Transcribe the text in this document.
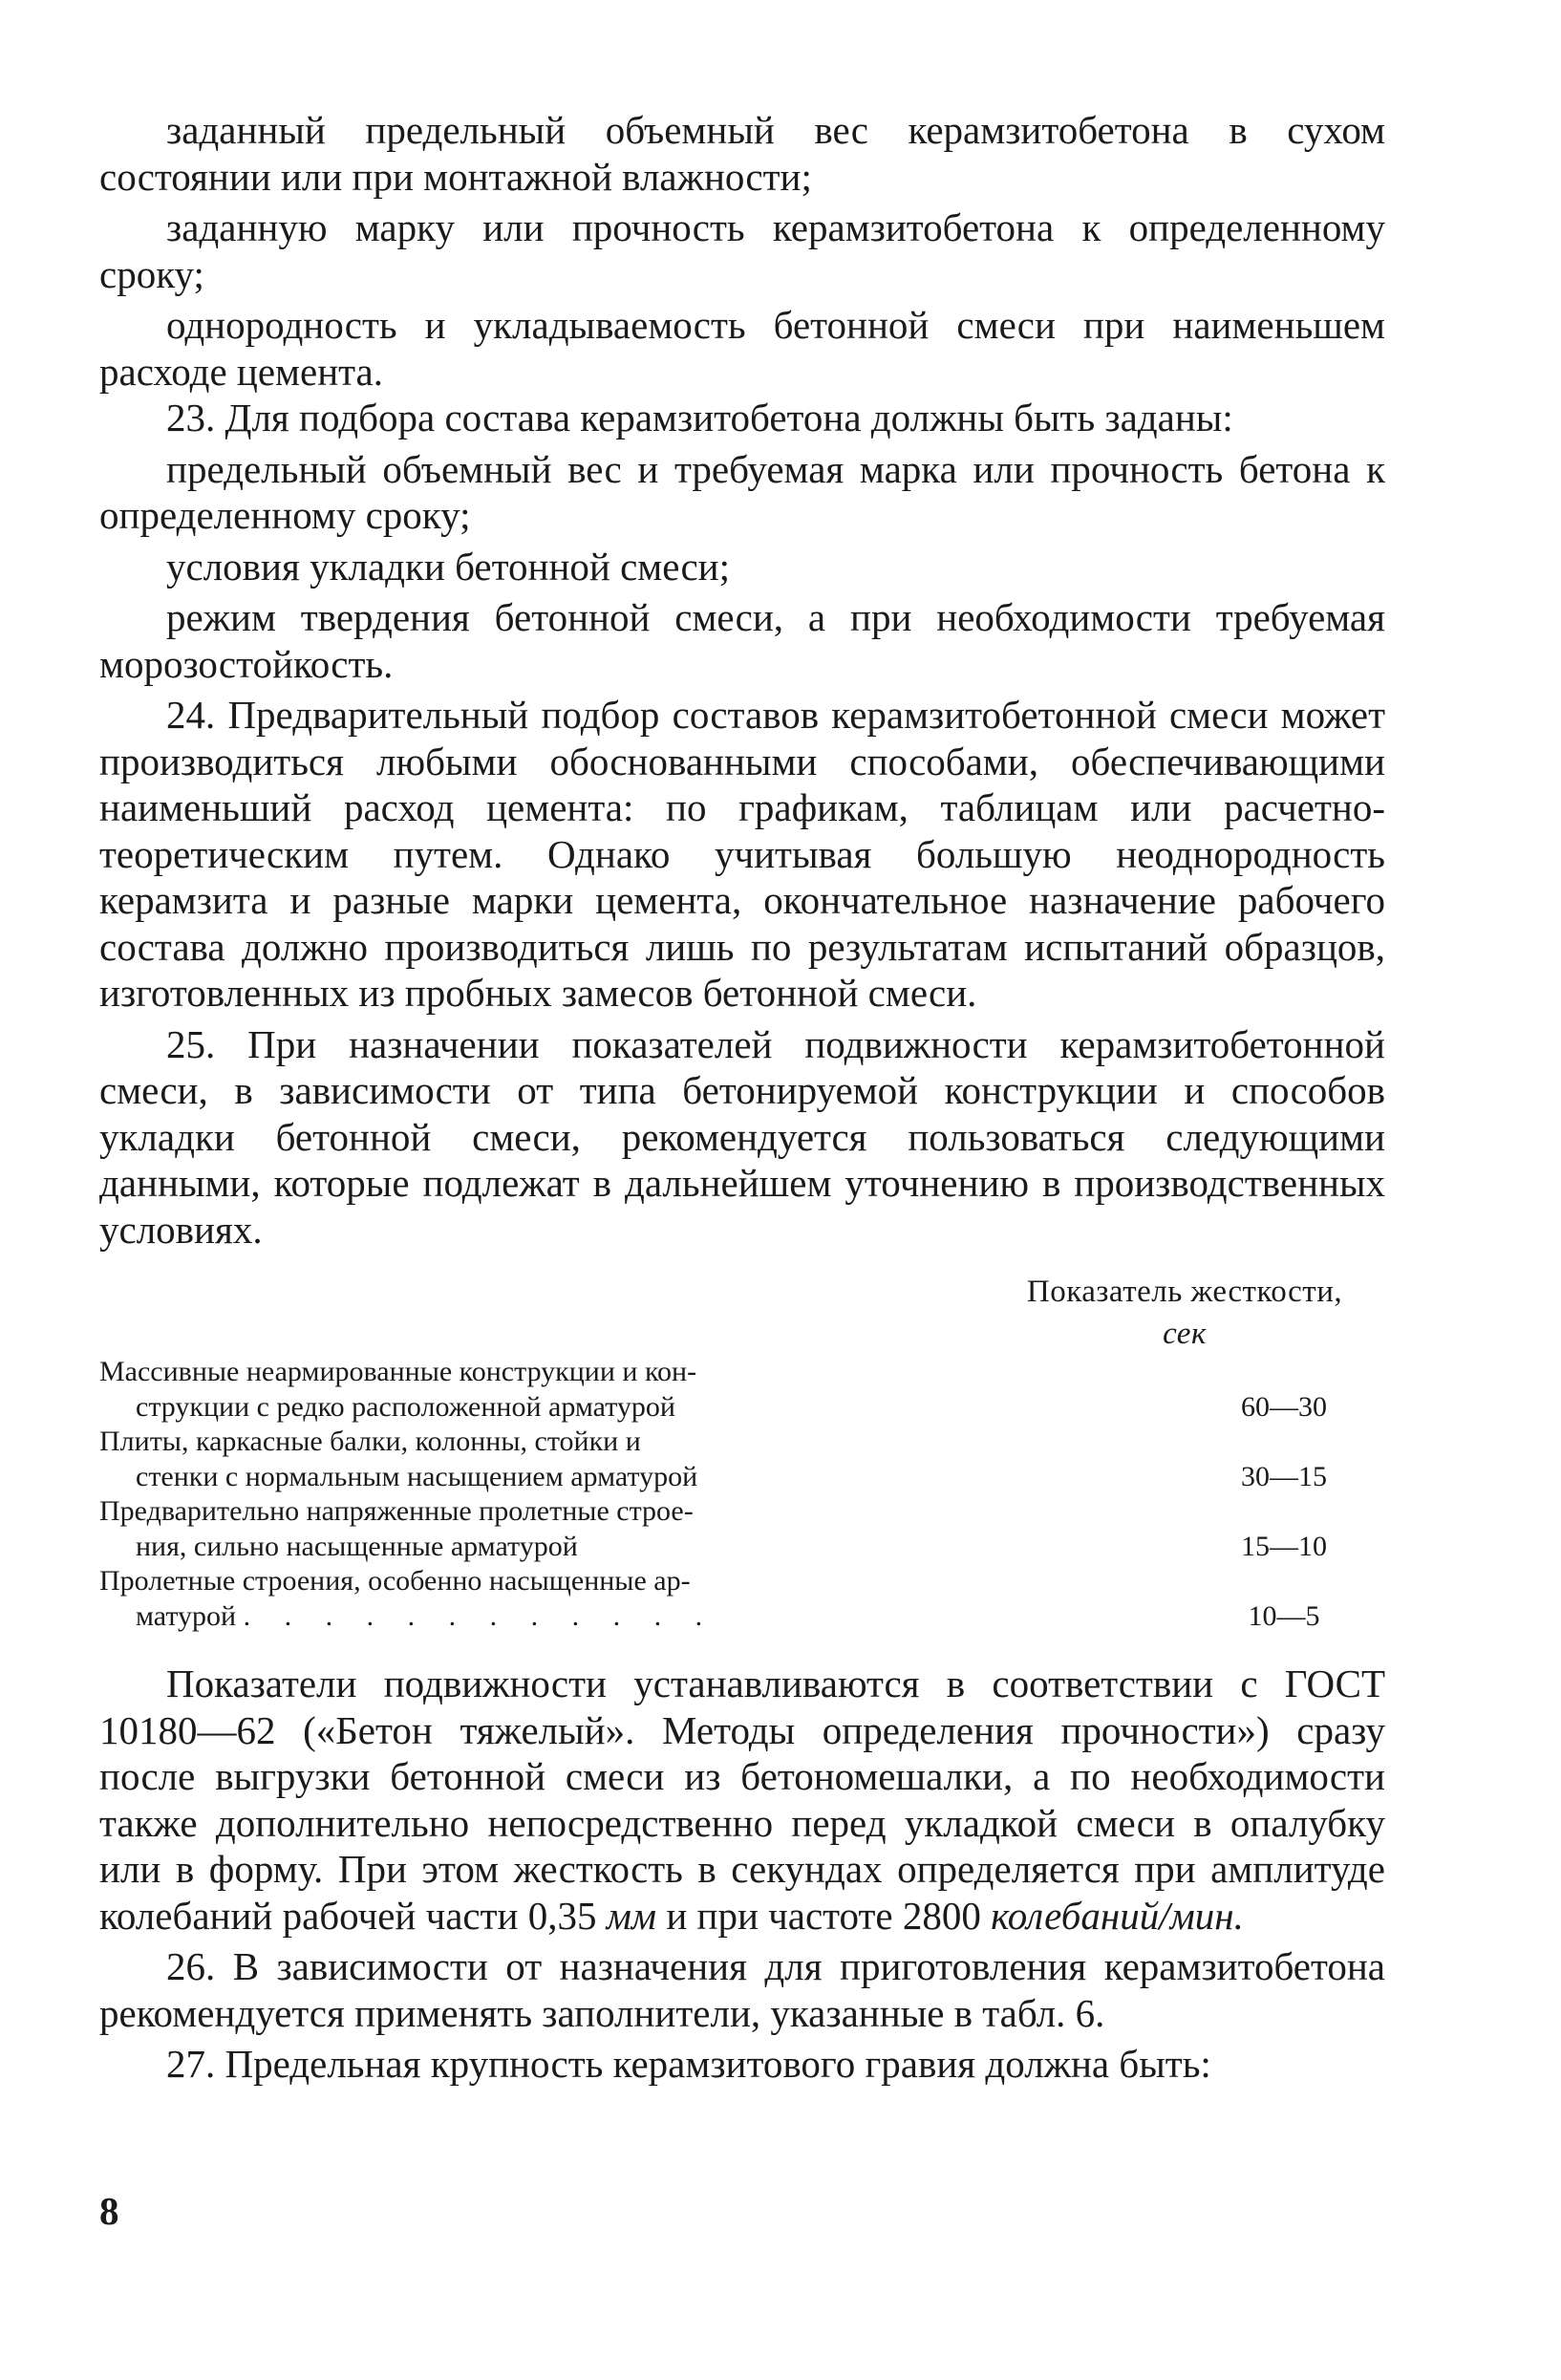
заданный предельный объемный вес керамзитобетона в сухом состоянии или при монтажной влажности;

заданную марку или прочность керамзитобетона к определенному сроку;

однородность и укладываемость бетонной смеси при наименьшем расходе цемента.

23. Для подбора состава керамзитобетона должны быть заданы:

предельный объемный вес и требуемая марка или прочность бетона к определенному сроку;

условия укладки бетонной смеси;

режим твердения бетонной смеси, а при необходимости требуемая морозостойкость.

24. Предварительный подбор составов керамзитобетонной смеси может производиться любыми обоснованными способами, обеспечивающими наименьший расход цемента: по графикам, таблицам или расчетно-теоретическим путем. Однако учитывая большую неоднородность керамзита и разные марки цемента, окончательное назначение рабочего состава должно производиться лишь по результатам испытаний образцов, изготовленных из пробных замесов бетонной смеси.

25. При назначении показателей подвижности керамзитобетонной смеси, в зависимости от типа бетонируемой конструкции и способов укладки бетонной смеси, рекомендуется пользоваться следующими данными, которые подлежат в дальнейшем уточнению в производственных условиях.

Показатель жесткости,
сек
Массивные неармированные конструкции и кон-
струкции с редко расположенной арматурой	60—30
Плиты, каркасные балки, колонны, стойки и
стенки с нормальным насыщением арматурой	30—15
Предварительно напряженные пролетные строе-
ния, сильно насыщенные арматурой	15—10
Пролетные строения, особенно насыщенные ар-
матурой . . . . . . . . . . . .	10—5

Показатели подвижности устанавливаются в соответствии с ГОСТ 10180—62 («Бетон тяжелый». Методы определения прочности») сразу после выгрузки бетонной смеси из бетономешалки, а по необходимости также дополнительно непосредственно перед укладкой смеси в опалубку или в форму. При этом жесткость в секундах определяется при амплитуде колебаний рабочей части 0,35 мм и при частоте 2800 колебаний/мин.

26. В зависимости от назначения для приготовления керамзитобетона рекомендуется применять заполнители, указанные в табл. 6.

27. Предельная крупность керамзитового гравия должна быть:

8
